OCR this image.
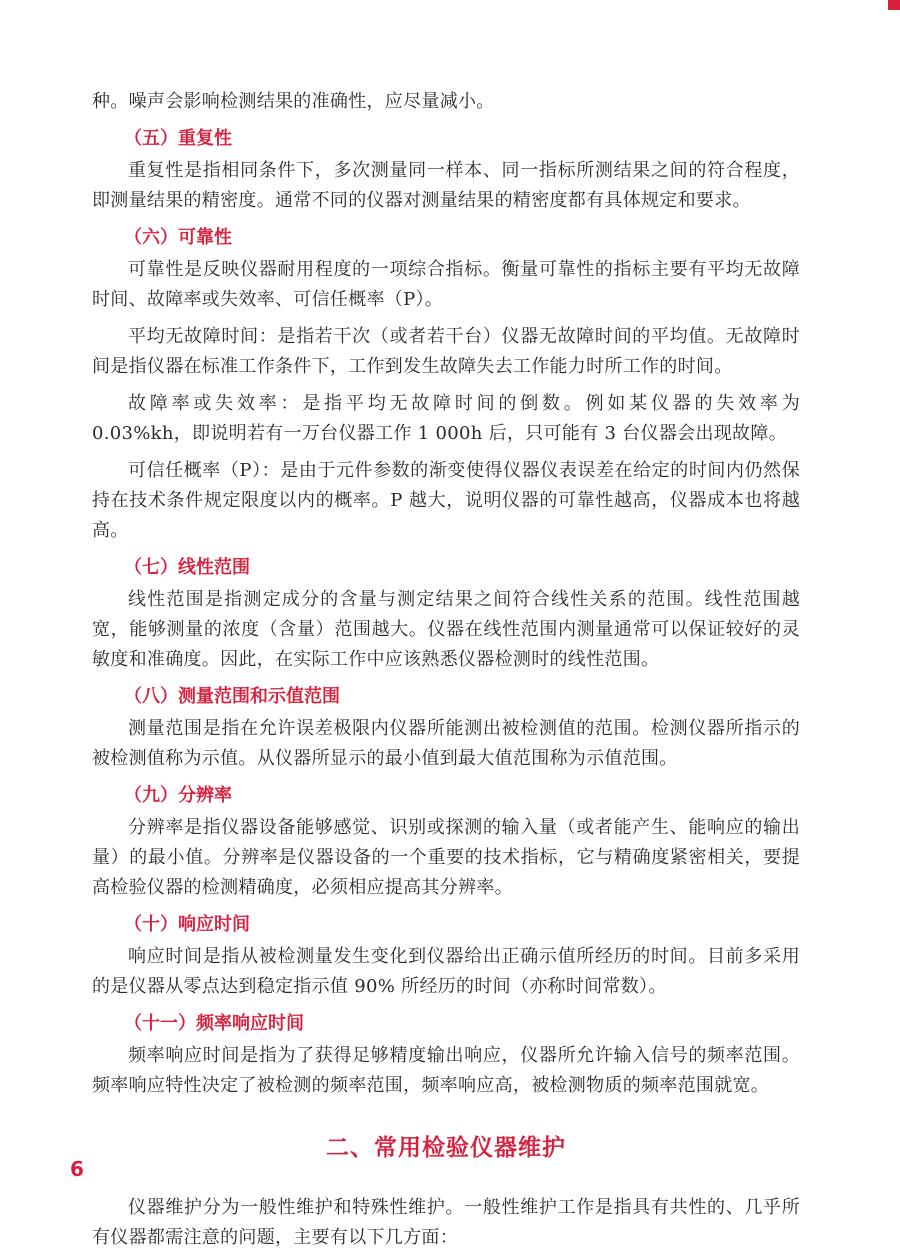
种。噪声会影响检测结果的准确性，应尽量减小。

（五）重复性

重复性是指相同条件下，多次测量同一样本、同一指标所测结果之间的符合程度，即测量结果的精密度。通常不同的仪器对测量结果的精密度都有具体规定和要求。

（六）可靠性

可靠性是反映仪器耐用程度的一项综合指标。衡量可靠性的指标主要有平均无故障时间、故障率或失效率、可信任概率（P）。

平均无故障时间：是指若干次（或者若干台）仪器无故障时间的平均值。无故障时间是指仪器在标准工作条件下，工作到发生故障失去工作能力时所工作的时间。

故障率或失效率：是指平均无故障时间的倒数。例如某仪器的失效率为 0.03%kh，即说明若有一万台仪器工作 1 000h 后，只可能有 3 台仪器会出现故障。

可信任概率（P）：是由于元件参数的渐变使得仪器仪表误差在给定的时间内仍然保持在技术条件规定限度以内的概率。P 越大，说明仪器的可靠性越高，仪器成本也将越高。

（七）线性范围

线性范围是指测定成分的含量与测定结果之间符合线性关系的范围。线性范围越宽，能够测量的浓度（含量）范围越大。仪器在线性范围内测量通常可以保证较好的灵敏度和准确度。因此，在实际工作中应该熟悉仪器检测时的线性范围。

（八）测量范围和示值范围

测量范围是指在允许误差极限内仪器所能测出被检测值的范围。检测仪器所指示的被检测值称为示值。从仪器所显示的最小值到最大值范围称为示值范围。

（九）分辨率

分辨率是指仪器设备能够感觉、识别或探测的输入量（或者能产生、能响应的输出量）的最小值。分辨率是仪器设备的一个重要的技术指标，它与精确度紧密相关，要提高检验仪器的检测精确度，必须相应提高其分辨率。

（十）响应时间

响应时间是指从被检测量发生变化到仪器给出正确示值所经历的时间。目前多采用的是仪器从零点达到稳定指示值 90% 所经历的时间（亦称时间常数）。

（十一）频率响应时间

频率响应时间是指为了获得足够精度输出响应，仪器所允许输入信号的频率范围。频率响应特性决定了被检测的频率范围，频率响应高，被检测物质的频率范围就宽。

二、常用检验仪器维护

仪器维护分为一般性维护和特殊性维护。一般性维护工作是指具有共性的、几乎所有仪器都需注意的问题，主要有以下几方面：

6
